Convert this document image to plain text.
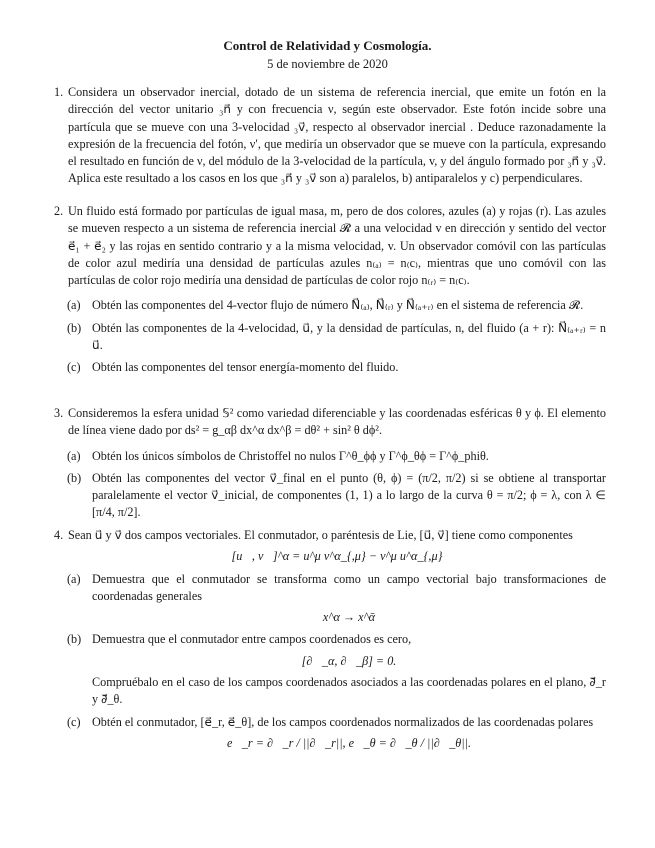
Control de Relatividad y Cosmología.
5 de noviembre de 2020
1. Considera un observador inercial, dotado de un sistema de referencia inercial, que emite un fotón en la dirección del vector unitario ₃n⃗ y con frecuencia ν, según este observador. Este fotón incide sobre una partícula que se mueve con una 3-velocidad ₃v⃗, respecto al observador inercial . Deduce razonadamente la expresión de la frecuencia del fotón, ν′, que mediría un observador que se mueve con la partícula, expresando el resultado en función de ν, del módulo de la 3-velocidad de la partícula, v, y del ángulo formado por ₃n⃗ y ₃v⃗. Aplica este resultado a los casos en los que ₃n⃗ y ₃v⃗ son a) paralelos, b) antiparalelos y c) perpendiculares.
2. Un fluido está formado por partículas de igual masa, m, pero de dos colores, azules (a) y rojas (r). Las azules se mueven respecto a un sistema de referencia inercial 𝓡 a una velocidad v en dirección y sentido del vector e⃗₁ + e⃗₂ y las rojas en sentido contrario y a la misma velocidad, v. Un observador comóvil con las partículas de color azul mediría una densidad de partículas azules n₍ₐ₎ = n₍c₎, mientras que uno comóvil con las partículas de color rojo mediría una densidad de partículas de color rojo n₍ᵣ₎ = n₍c₎.
(a) Obtén las componentes del 4-vector flujo de número N⃗₍ₐ₎, N⃗₍ᵣ₎ y N⃗₍ₐ₊ᵣ₎ en el sistema de referencia 𝓡.
(b) Obtén las componentes de la 4-velocidad, u⃗, y la densidad de partículas, n, del fluido (a + r): N⃗₍ₐ₊ᵣ₎ = n u⃗.
(c) Obtén las componentes del tensor energía-momento del fluido.
3. Consideremos la esfera unidad 𝕊² como variedad diferenciable y las coordenadas esféricas θ y ϕ. El elemento de línea viene dado por ds² = g_αβ dx^α dx^β = dθ² + sin² θ dϕ².
(a) Obtén los únicos símbolos de Christoffel no nulos Γ^θ_ϕϕ y Γ^ϕ_θϕ = Γ^ϕ_phiθ.
(b) Obtén las componentes del vector v⃗_final en el punto (θ, ϕ) = (π/2, π/2) si se obtiene al transportar paralelamente el vector v⃗_inicial, de componentes (1, 1) a lo largo de la curva θ = π/2; ϕ = λ, con λ ∈ [π/4, π/2].
4. Sean u⃗ y v⃗ dos campos vectoriales. El conmutador, o paréntesis de Lie, [u⃗, v⃗] tiene como componentes
[u⃗, v⃗]^α = u^μ v^α_{,μ} − v^μ u^α_{,μ}
(a) Demuestra que el conmutador se transforma como un campo vectorial bajo transformaciones de coordenadas generales
x^α → x^ᾱ
(b) Demuestra que el conmutador entre campos coordenados es cero,
[∂⃗_α, ∂⃗_β] = 0.
Compruébalo en el caso de los campos coordenados asociados a las coordenadas polares en el plano, ∂⃗_r y ∂⃗_θ.
(c) Obtén el conmutador, [e⃗_r, e⃗_θ], de los campos coordenados normalizados de las coordenadas polares
e⃗_r = ∂⃗_r / ||∂⃗_r||, e⃗_θ = ∂⃗_θ / ||∂⃗_θ||.
